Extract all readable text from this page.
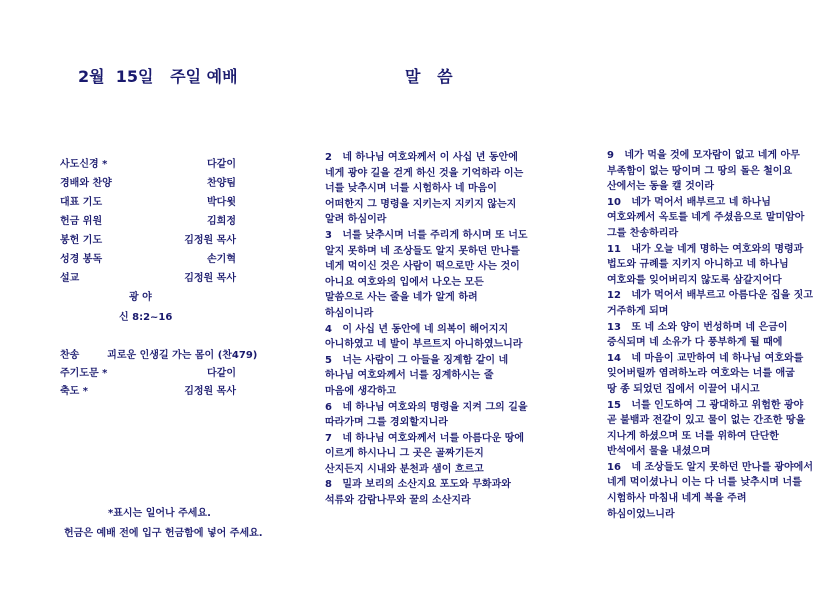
2월  15일   주일 예배	말   씀
사도신경 *	다같이
경배와 찬양	찬양팀
대표 기도	박다윗
헌금 위원	김희정
봉헌 기도	김정원 목사
성경 봉독	손기혁
설교	김정원 목사
광 야
신 8:2~16
찬송        괴로운 인생길 가는 몸이 (찬479)
주기도문 *	다같이
축도 *	김정원 목사
*표시는 일어나 주세요.
헌금은 예배 전에 입구 헌금함에 넣어 주세요.
2   네 하나님 여호와께서 이 사십 년 동안에
네게 광야 길을 걷게 하신 것을 기억하라 이는
너를 낮추시며 너를 시험하사 네 마음이
어떠한지 그 명령을 지키는지 지키지 않는지
알려 하심이라
3   너를 낮추시며 너를 주리게 하시며 또 너도
알지 못하며 네 조상들도 알지 못하던 만나를
네게 먹이신 것은 사람이 떡으로만 사는 것이
아니요 여호와의 입에서 나오는 모든
말씀으로 사는 줄을 네가 알게 하려
하심이니라
4   이 사십 년 동안에 네 의복이 해어지지
아니하였고 네 발이 부르트지 아니하였느니라
5   너는 사람이 그 아들을 징계함 같이 네
하나님 여호와께서 너를 징계하시는 줄
마음에 생각하고
6   네 하나님 여호와의 명령을 지켜 그의 길을
따라가며 그를 경외할지니라
7   네 하나님 여호와께서 너를 아름다운 땅에
이르게 하시나니 그 곳은 골짜기든지
산지든지 시내와 분천과 샘이 흐르고
8   밀과 보리의 소산지요 포도와 무화과와
석류와 감람나무와 꿀의 소산지라
9   네가 먹을 것에 모자람이 없고 네게 아무
부족함이 없는 땅이며 그 땅의 돌은 철이요
산에서는 동을 캘 것이라
10   네가 먹어서 배부르고 네 하나님
여호와께서 옥토를 네게 주셨음으로 말미암아
그를 찬송하리라
11   내가 오늘 네게 명하는 여호와의 명령과
법도와 규례를 지키지 아니하고 네 하나님
여호와를 잊어버리지 않도록 삼갈지어다
12   네가 먹어서 배부르고 아름다운 집을 짓고
거주하게 되며
13   또 네 소와 양이 번성하며 네 은금이
증식되며 네 소유가 다 풍부하게 될 때에
14   네 마음이 교만하여 네 하나님 여호와를
잊어버릴까 염려하노라 여호와는 너를 애굽
땅 종 되었던 집에서 이끌어 내시고
15   너를 인도하여 그 광대하고 위험한 광야
곧 불뱀과 전갈이 있고 물이 없는 간조한 땅을
지나게 하셨으며 또 너를 위하여 단단한
반석에서 물을 내셨으며
16   네 조상들도 알지 못하던 만나를 광야에서
네게 먹이셨나니 이는 다 너를 낮추시며 너를
시험하사 마침내 네게 복을 주려
하심이었느니라
